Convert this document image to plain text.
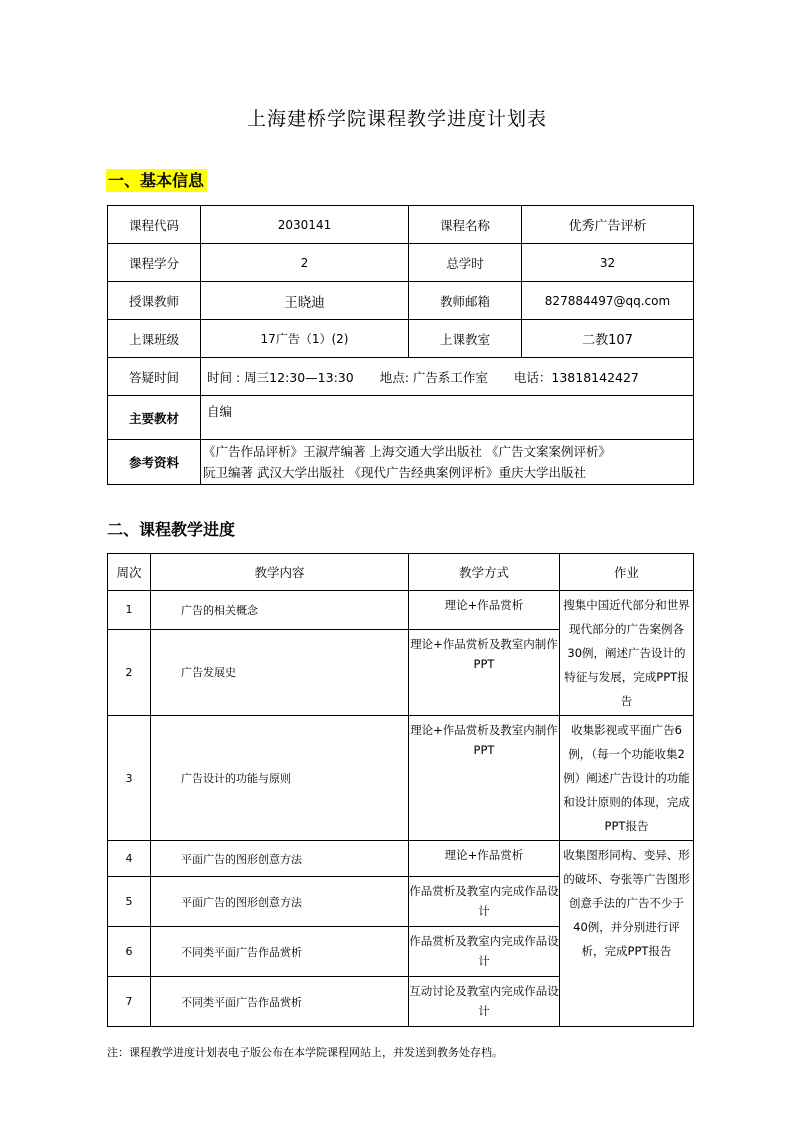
上海建桥学院课程教学进度计划表
一、基本信息
课程代码	2030141	课程名称	优秀广告评析
课程学分	2	总学时	32
授课教师	王晓迪	教师邮箱	827884497@qq.com
上课班级	17广告（1）(2)	上课教室	二教107
答疑时间	时间 : 周三12:30—13:30 地点: 广告系工作室 电话：13818142427		
主要教材	自编		
参考资料	《广告作品评析》王淑芹编著 上海交通大学出版社 《广告文案案例评析》
阮卫编著 武汉大学出版社 《现代广告经典案例评析》重庆大学出版社		
二、课程教学进度
周次	教学内容	教学方式	作业
1	广告的相关概念	理论+作品赏析	搜集中国近代部分和世界现代部分的广告案例各30例，阐述广告设计的特征与发展，完成PPT报告
2	广告发展史	理论+作品赏析及教室内制作PPT	
3	广告设计的功能与原则	理论+作品赏析及教室内制作PPT	收集影视或平面广告6例，（每一个功能收集2例）阐述广告设计的功能和设计原则的体现，完成PPT报告
4	平面广告的图形创意方法	理论+作品赏析	收集图形同构、变异、形的破坏、夸张等广告图形创意手法的广告不少于40例，并分别进行评析，完成PPT报告
5	平面广告的图形创意方法	作品赏析及教室内完成作品设计	
6	不同类平面广告作品赏析	作品赏析及教室内完成作品设计	
7	不同类平面广告作品赏析	互动讨论及教室内完成作品设计	
注：课程教学进度计划表电子版公布在本学院课程网站上，并发送到教务处存档。
